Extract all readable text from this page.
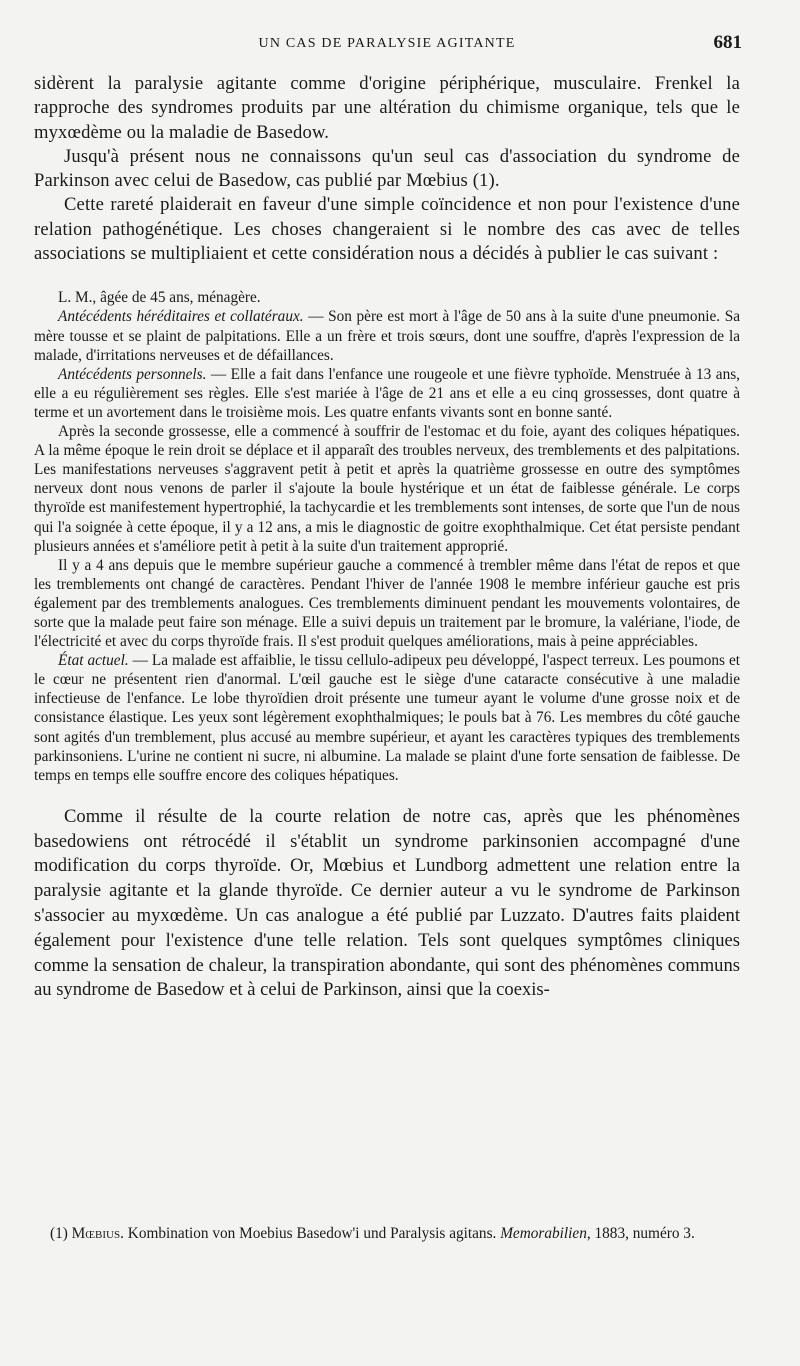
UN CAS DE PARALYSIE AGITANTE	681

sidèrent la paralysie agitante comme d'origine périphérique, musculaire. Frenkel la rapproche des syndromes produits par une altération du chimisme organique, tels que le myxœdème ou la maladie de Basedow.

Jusqu'à présent nous ne connaissons qu'un seul cas d'association du syndrome de Parkinson avec celui de Basedow, cas publié par Mœbius (1).

Cette rareté plaiderait en faveur d'une simple coïncidence et non pour l'existence d'une relation pathogénétique. Les choses changeraient si le nombre des cas avec de telles associations se multipliaient et cette considération nous a décidés à publier le cas suivant :

L. M., âgée de 45 ans, ménagère.

Antécédents héréditaires et collatéraux. — Son père est mort à l'âge de 50 ans à la suite d'une pneumonie. Sa mère tousse et se plaint de palpitations. Elle a un frère et trois sœurs, dont une souffre, d'après l'expression de la malade, d'irritations nerveuses et de défaillances.

Antécédents personnels. — Elle a fait dans l'enfance une rougeole et une fièvre typhoïde. Menstruée à 13 ans, elle a eu régulièrement ses règles. Elle s'est mariée à l'âge de 21 ans et elle a eu cinq grossesses, dont quatre à terme et un avortement dans le troisième mois. Les quatre enfants vivants sont en bonne santé.

Après la seconde grossesse, elle a commencé à souffrir de l'estomac et du foie, ayant des coliques hépatiques. A la même époque le rein droit se déplace et il apparaît des troubles nerveux, des tremblements et des palpitations. Les manifestations nerveuses s'aggravent petit à petit et après la quatrième grossesse en outre des symptômes nerveux dont nous venons de parler il s'ajoute la boule hystérique et un état de faiblesse générale. Le corps thyroïde est manifestement hypertrophié, la tachycardie et les tremblements sont intenses, de sorte que l'un de nous qui l'a soignée à cette époque, il y a 12 ans, a mis le diagnostic de goitre exophthalmique. Cet état persiste pendant plusieurs années et s'améliore petit à petit à la suite d'un traitement approprié.

Il y a 4 ans depuis que le membre supérieur gauche a commencé à trembler même dans l'état de repos et que les tremblements ont changé de caractères. Pendant l'hiver de l'année 1908 le membre inférieur gauche est pris également par des tremblements analogues. Ces tremblements diminuent pendant les mouvements volontaires, de sorte que la malade peut faire son ménage. Elle a suivi depuis un traitement par le bromure, la valériane, l'iode, de l'électricité et avec du corps thyroïde frais. Il s'est produit quelques améliorations, mais à peine appréciables.

État actuel. — La malade est affaiblie, le tissu cellulo-adipeux peu développé, l'aspect terreux. Les poumons et le cœur ne présentent rien d'anormal. L'œil gauche est le siège d'une cataracte consécutive à une maladie infectieuse de l'enfance. Le lobe thyroïdien droit présente une tumeur ayant le volume d'une grosse noix et de consistance élastique. Les yeux sont légèrement exophthalmiques; le pouls bat à 76. Les membres du côté gauche sont agités d'un tremblement, plus accusé au membre supérieur, et ayant les caractères typiques des tremblements parkinsoniens. L'urine ne contient ni sucre, ni albumine. La malade se plaint d'une forte sensation de faiblesse. De temps en temps elle souffre encore des coliques hépatiques.

Comme il résulte de la courte relation de notre cas, après que les phénomènes basedowiens ont rétrocédé il s'établit un syndrome parkinsonien accompagné d'une modification du corps thyroïde. Or, Mœbius et Lundborg admettent une relation entre la paralysie agitante et la glande thyroïde. Ce dernier auteur a vu le syndrome de Parkinson s'associer au myxœdème. Un cas analogue a été publié par Luzzato. D'autres faits plaident également pour l'existence d'une telle relation. Tels sont quelques symptômes cliniques comme la sensation de chaleur, la transpiration abondante, qui sont des phénomènes communs au syndrome de Basedow et à celui de Parkinson, ainsi que la coexis-

(1) Mœbius. Kombination von Moebius Basedow'i und Paralysis agitans. Memorabilien, 1883, numéro 3.
